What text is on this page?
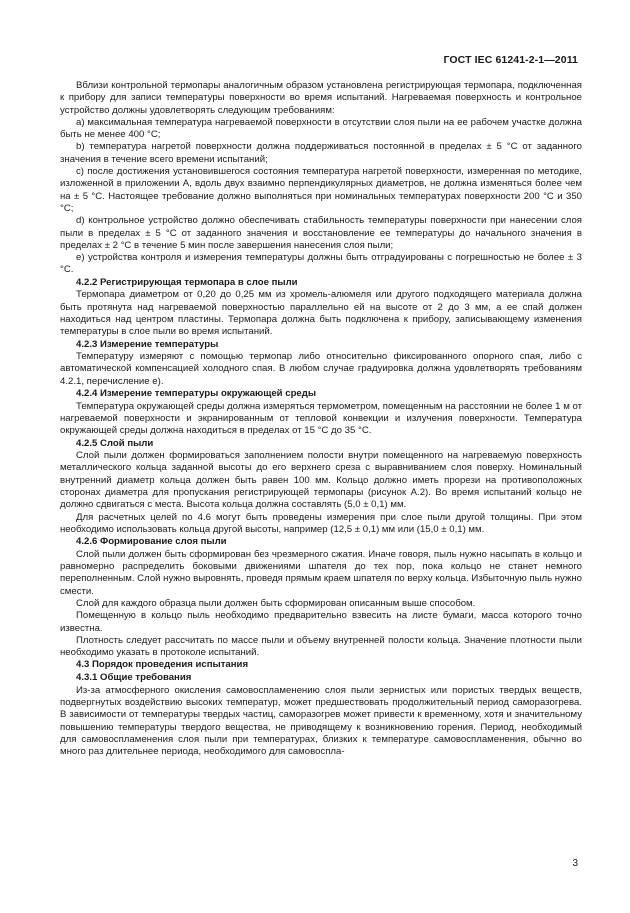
ГОСТ IEC 61241-2-1—2011

Вблизи контрольной термопары аналогичным образом установлена регистрирующая термопара, подключенная к прибору для записи температуры поверхности во время испытаний. Нагреваемая поверхность и контрольное устройство должны удовлетворять следующим требованиям:

а) максимальная температура нагреваемой поверхности в отсутствии слоя пыли на ее рабочем участке должна быть не менее 400 °С;

b) температура нагретой поверхности должна поддерживаться постоянной в пределах ± 5 °С от заданного значения в течение всего времени испытаний;

с) после достижения установившегося состояния температура нагретой поверхности, измеренная по методике, изложенной в приложении А, вдоль двух взаимно перпендикулярных диаметров, не должна изменяться более чем на ± 5 °С. Настоящее требование должно выполняться при номинальных температурах поверхности 200 °С и 350 °С;

d) контрольное устройство должно обеспечивать стабильность температуры поверхности при нанесении слоя пыли в пределах ± 5 °С от заданного значения и восстановление ее температуры до начального значения в пределах ± 2 °С в течение 5 мин после завершения нанесения слоя пыли;

е) устройства контроля и измерения температуры должны быть отградуированы с погрешностью не более ± 3 °С.

4.2.2 Регистрирующая термопара в слое пыли

Термопара диаметром от 0,20 до 0,25 мм из хромель-алюмеля или другого подходящего материала должна быть протянута над нагреваемой поверхностью параллельно ей на высоте от 2 до 3 мм, а ее спай должен находиться над центром пластины. Термопара должна быть подключена к прибору, записывающему изменения температуры в слое пыли во время испытаний.

4.2.3 Измерение температуры

Температуру измеряют с помощью термопар либо относительно фиксированного опорного спая, либо с автоматической компенсацией холодного спая. В любом случае градуировка должна удовлетворять требованиям 4.2.1, перечисление е).

4.2.4 Измерение температуры окружающей среды

Температура окружающей среды должна измеряться термометром, помещенным на расстоянии не более 1 м от нагреваемой поверхности и экранированным от тепловой конвекции и излучения поверхности. Температура окружающей среды должна находиться в пределах от 15 °С до 35 °С.

4.2.5 Слой пыли

Слой пыли должен формироваться заполнением полости внутри помещенного на нагреваемую поверхность металлического кольца заданной высоты до его верхнего среза с выравниванием слоя поверху. Номинальный внутренний диаметр кольца должен быть равен 100 мм. Кольцо должно иметь прорези на противоположных сторонах диаметра для пропускания регистрирующей термопары (рисунок А.2). Во время испытаний кольцо не должно сдвигаться с места. Высота кольца должна составлять (5,0 ± 0,1) мм.

Для расчетных целей по 4.6 могут быть проведены измерения при слое пыли другой толщины. При этом необходимо использовать кольца другой высоты, например (12,5 ± 0,1) мм или (15,0 ± 0,1) мм.

4.2.6 Формирование слоя пыли

Слой пыли должен быть сформирован без чрезмерного сжатия. Иначе говоря, пыль нужно насыпать в кольцо и равномерно распределить боковыми движениями шпателя до тех пор, пока кольцо не станет немного переполненным. Слой нужно выровнять, проведя прямым краем шпателя по верху кольца. Избыточную пыль нужно смести.

Слой для каждого образца пыли должен быть сформирован описанным выше способом.

Помещенную в кольцо пыль необходимо предварительно взвесить на листе бумаги, масса которого точно известна.

Плотность следует рассчитать по массе пыли и объему внутренней полости кольца. Значение плотности пыли необходимо указать в протоколе испытаний.

4.3 Порядок проведения испытания
4.3.1 Общие требования

Из-за атмосферного окисления самовоспламенению слоя пыли зернистых или пористых твердых веществ, подвергнутых воздействию высоких температур, может предшествовать продолжительный период саморазогрева. В зависимости от температуры твердых частиц, саморазогрев может привести к временному, хотя и значительному повышению температуры твердого вещества, не приводящему к возникновению горения. Период, необходимый для самовоспламенения слоя пыли при температурах, близких к температуре самовоспламенения, обычно во много раз длительнее периода, необходимого для самовоспла-

3
